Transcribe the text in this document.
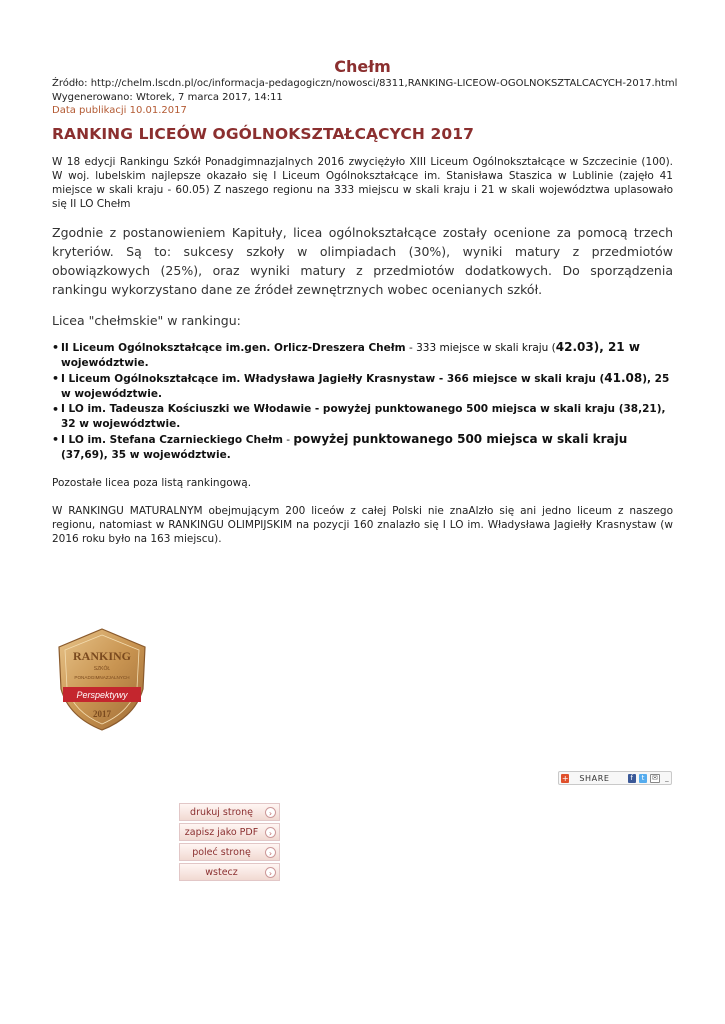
Chełm
Źródło: http://chelm.lscdn.pl/oc/informacja-pedagogiczn/nowosci/8311,RANKING-LICEOW-OGOLNOKSZTALCACYCH-2017.html
Wygenerowano: Wtorek, 7 marca 2017, 14:11
Data publikacji 10.01.2017
RANKING LICEÓW OGÓLNOKSZTAŁCĄCYCH 2017
W 18 edycji Rankingu Szkół Ponadgimnazjalnych 2016 zwyciężyło XIII Liceum Ogólnokształcące w Szczecinie (100). W woj. lubelskim najlepsze okazało się I Liceum Ogólnokształcące im. Stanisława Staszica w Lublinie (zajęło 41 miejsce w skali kraju - 60.05) Z naszego regionu na 333 miejscu w skali kraju i 21 w skali województwa uplasowało się II LO Chełm
Zgodnie z postanowieniem Kapituły, licea ogólnokształcące zostały ocenione za pomocą trzech kryteriów. Są to: sukcesy szkoły w olimpiadach (30%), wyniki matury z przedmiotów obowiązkowych (25%), oraz wyniki matury z przedmiotów dodatkowych. Do sporządzenia rankingu wykorzystano dane ze źródeł zewnętrznych wobec ocenianych szkół.
Licea "chełmskie" w rankingu:
• II Liceum Ogólnokształcące im.gen. Orlicz-Dreszera Chełm - 333 miejsce w skali kraju (42.03), 21 w województwie.
• I Liceum Ogólnokształcące im. Władysława Jagiełły Krasnystaw - 366 miejsce w skali kraju (41.08), 25 w województwie.
• I LO im. Tadeusza Kościuszki we Włodawie - powyżej punktowanego 500 miejsca w skali kraju (38,21), 32 w województwie.
• I LO im. Stefana Czarnieckiego Chełm - powyżej punktowanego 500 miejsca w skali kraju (37,69), 35 w województwie.
Pozostałe licea poza listą rankingową.
W RANKINGU MATURALNYM obejmującym 200 liceów z całej Polski nie znaAlzło się ani jedno liceum z naszego regionu, natomiast w RANKINGU OLIMPIJSKIM na pozycji 160 znalazło się I LO im. Władysława Jagiełły Krasnystaw (w 2016 roku było na 163 miejscu).
RANKING
SZKÓŁ
PONADGIMNAZJALNYCH
Perspektywy
2017
+ SHARE	f	t	✉	_
drukuj stronę	›
zapisz jako PDF	›
poleć stronę	›
wstecz	›
